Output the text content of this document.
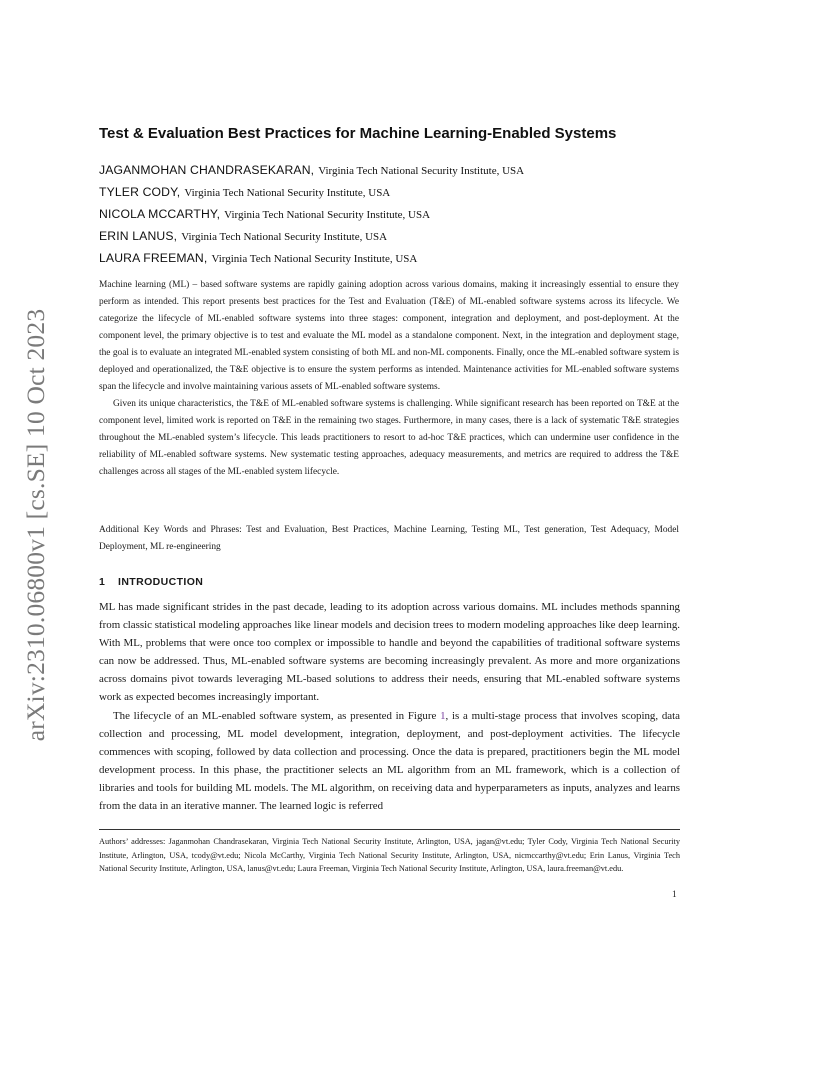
arXiv:2310.06800v1 [cs.SE] 10 Oct 2023
Test & Evaluation Best Practices for Machine Learning-Enabled Systems
JAGANMOHAN CHANDRASEKARAN, Virginia Tech National Security Institute, USA
TYLER CODY, Virginia Tech National Security Institute, USA
NICOLA MCCARTHY, Virginia Tech National Security Institute, USA
ERIN LANUS, Virginia Tech National Security Institute, USA
LAURA FREEMAN, Virginia Tech National Security Institute, USA

Machine learning (ML) – based software systems are rapidly gaining adoption across various domains, making it increasingly essential to ensure they perform as intended. This report presents best practices for the Test and Evaluation (T&E) of ML-enabled software systems across its lifecycle. We categorize the lifecycle of ML-enabled software systems into three stages: component, integration and deployment, and post-deployment. At the component level, the primary objective is to test and evaluate the ML model as a standalone component. Next, in the integration and deployment stage, the goal is to evaluate an integrated ML-enabled system consisting of both ML and non-ML components. Finally, once the ML-enabled software system is deployed and operationalized, the T&E objective is to ensure the system performs as intended. Maintenance activities for ML-enabled software systems span the lifecycle and involve maintaining various assets of ML-enabled software systems.

Given its unique characteristics, the T&E of ML-enabled software systems is challenging. While significant research has been reported on T&E at the component level, limited work is reported on T&E in the remaining two stages. Furthermore, in many cases, there is a lack of systematic T&E strategies throughout the ML-enabled system’s lifecycle. This leads practitioners to resort to ad-hoc T&E practices, which can undermine user confidence in the reliability of ML-enabled software systems. New systematic testing approaches, adequacy measurements, and metrics are required to address the T&E challenges across all stages of the ML-enabled system lifecycle.

Additional Key Words and Phrases: Test and Evaluation, Best Practices, Machine Learning, Testing ML, Test generation, Test Adequacy, Model Deployment, ML re-engineering

1 INTRODUCTION

ML has made significant strides in the past decade, leading to its adoption across various domains. ML includes methods spanning from classic statistical modeling approaches like linear models and decision trees to modern modeling approaches like deep learning. With ML, problems that were once too complex or impossible to handle and beyond the capabilities of traditional software systems can now be addressed. Thus, ML-enabled software systems are becoming increasingly prevalent. As more and more organizations across domains pivot towards leveraging ML-based solutions to address their needs, ensuring that ML-enabled software systems work as expected becomes increasingly important.

The lifecycle of an ML-enabled software system, as presented in Figure 1, is a multi-stage process that involves scoping, data collection and processing, ML model development, integration, deployment, and post-deployment activities. The lifecycle commences with scoping, followed by data collection and processing. Once the data is prepared, practitioners begin the ML model development process. In this phase, the practitioner selects an ML algorithm from an ML framework, which is a collection of libraries and tools for building ML models. The ML algorithm, on receiving data and hyperparameters as inputs, analyzes and learns from the data in an iterative manner. The learned logic is referred

Authors’ addresses: Jaganmohan Chandrasekaran, Virginia Tech National Security Institute, Arlington, USA, jagan@vt.edu; Tyler Cody, Virginia Tech National Security Institute, Arlington, USA, tcody@vt.edu; Nicola McCarthy, Virginia Tech National Security Institute, Arlington, USA, nicmccarthy@vt.edu; Erin Lanus, Virginia Tech National Security Institute, Arlington, USA, lanus@vt.edu; Laura Freeman, Virginia Tech National Security Institute, Arlington, USA, laura.freeman@vt.edu.

1
